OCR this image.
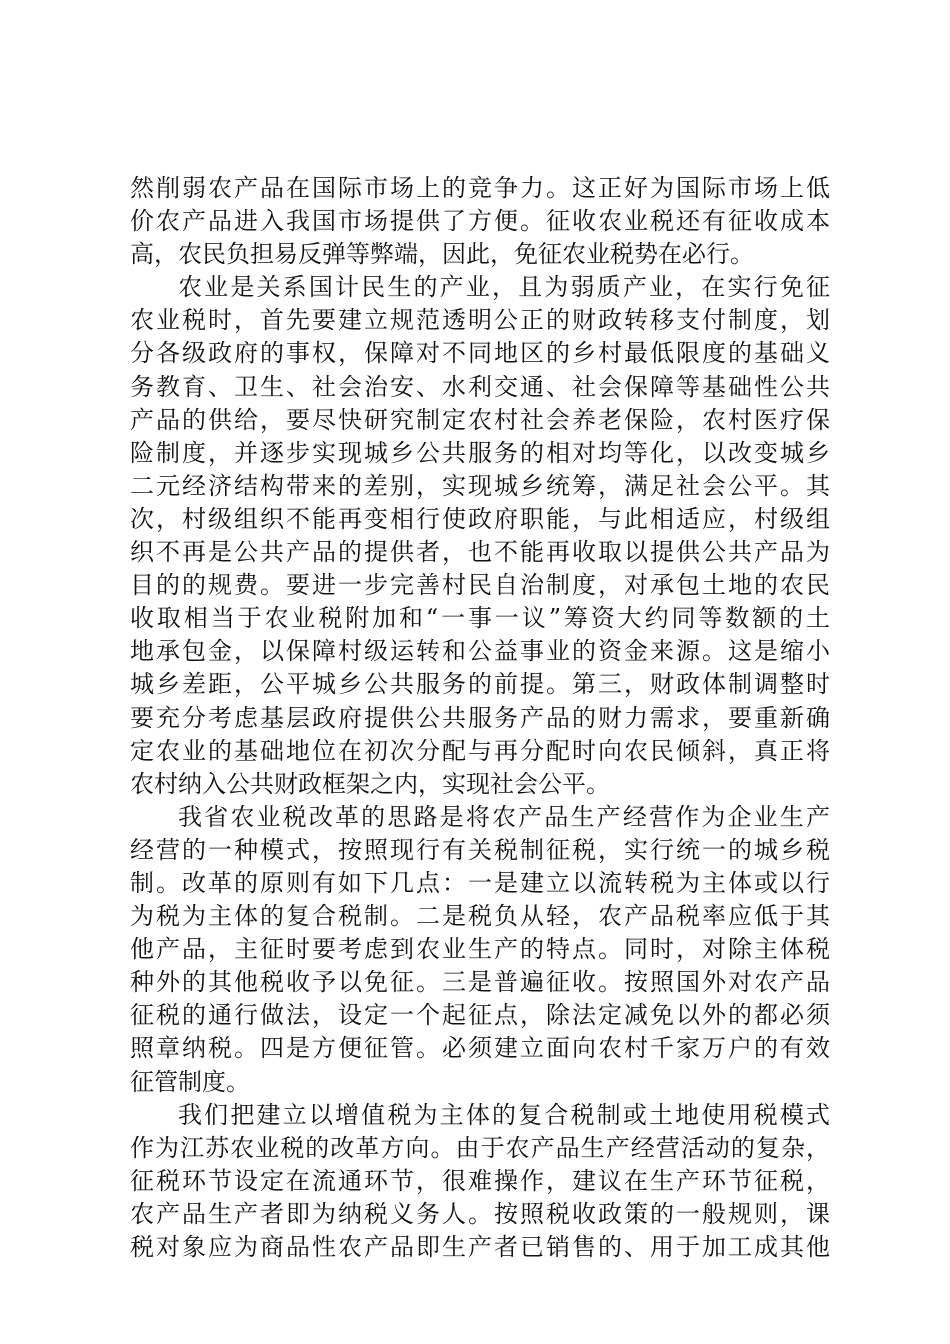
然削弱农产品在国际市场上的竞争力。这正好为国际市场上低
价农产品进入我国市场提供了方便。征收农业税还有征收成本
高，农民负担易反弹等弊端，因此，免征农业税势在必行。
农业是关系国计民生的产业，且为弱质产业，在实行免征
农业税时，首先要建立规范透明公正的财政转移支付制度，划
分各级政府的事权，保障对不同地区的乡村最低限度的基础义
务教育、卫生、社会治安、水利交通、社会保障等基础性公共
产品的供给，要尽快研究制定农村社会养老保险，农村医疗保
险制度，并逐步实现城乡公共服务的相对均等化，以改变城乡
二元经济结构带来的差别，实现城乡统筹，满足社会公平。其
次，村级组织不能再变相行使政府职能，与此相适应，村级组
织不再是公共产品的提供者，也不能再收取以提供公共产品为
目的的规费。要进一步完善村民自治制度，对承包土地的农民
收取相当于农业税附加和“一事一议”筹资大约同等数额的土
地承包金，以保障村级运转和公益事业的资金来源。这是缩小
城乡差距，公平城乡公共服务的前提。第三，财政体制调整时
要充分考虑基层政府提供公共服务产品的财力需求，要重新确
定农业的基础地位在初次分配与再分配时向农民倾斜，真正将
农村纳入公共财政框架之内，实现社会公平。
我省农业税改革的思路是将农产品生产经营作为企业生产
经营的一种模式，按照现行有关税制征税，实行统一的城乡税
制。改革的原则有如下几点：一是建立以流转税为主体或以行
为税为主体的复合税制。二是税负从轻，农产品税率应低于其
他产品，主征时要考虑到农业生产的特点。同时，对除主体税
种外的其他税收予以免征。三是普遍征收。按照国外对农产品
征税的通行做法，设定一个起征点，除法定减免以外的都必须
照章纳税。四是方便征管。必须建立面向农村千家万户的有效
征管制度。
我们把建立以增值税为主体的复合税制或土地使用税模式
作为江苏农业税的改革方向。由于农产品生产经营活动的复杂，
征税环节设定在流通环节，很难操作，建议在生产环节征税，
农产品生产者即为纳税义务人。按照税收政策的一般规则，课
税对象应为商品性农产品即生产者已销售的、用于加工成其他
